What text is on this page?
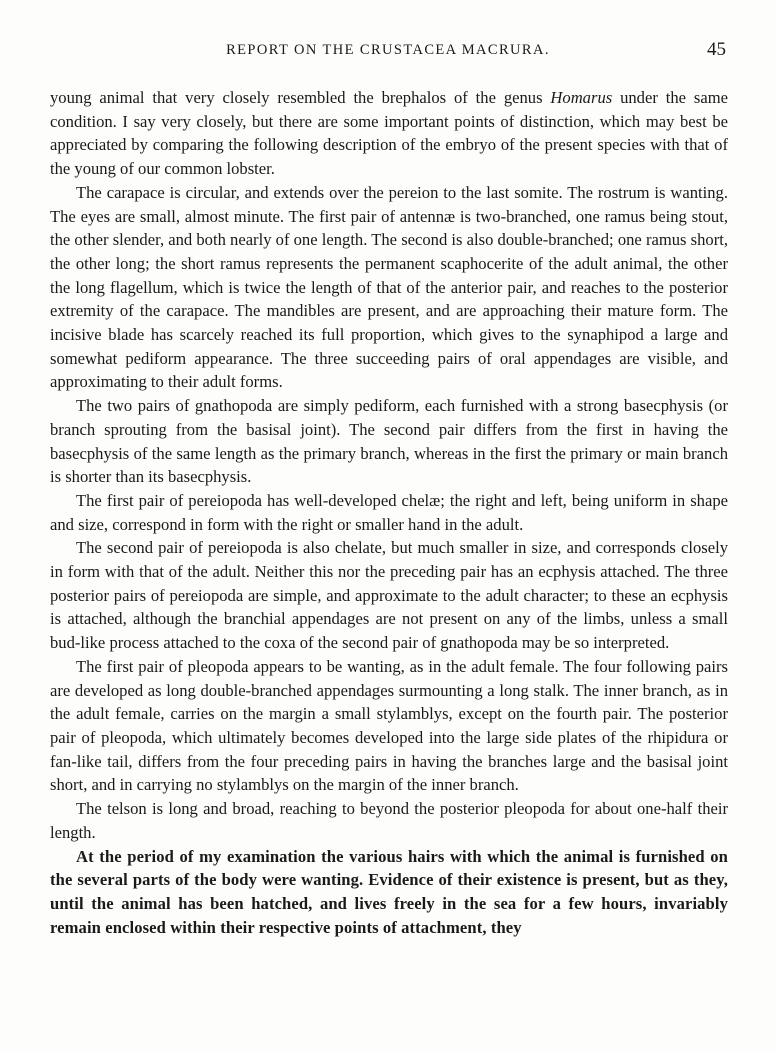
REPORT ON THE CRUSTACEA MACRURA.	45

young animal that very closely resembled the brephalos of the genus Homarus under the same condition. I say very closely, but there are some important points of distinction, which may best be appreciated by comparing the following description of the embryo of the present species with that of the young of our common lobster.

The carapace is circular, and extends over the pereion to the last somite. The rostrum is wanting. The eyes are small, almost minute. The first pair of antennæ is two-branched, one ramus being stout, the other slender, and both nearly of one length. The second is also double-branched; one ramus short, the other long; the short ramus represents the permanent scaphocerite of the adult animal, the other the long flagellum, which is twice the length of that of the anterior pair, and reaches to the posterior extremity of the carapace. The mandibles are present, and are approaching their mature form. The incisive blade has scarcely reached its full proportion, which gives to the synaphipod a large and somewhat pediform appearance. The three succeeding pairs of oral appendages are visible, and approximating to their adult forms.

The two pairs of gnathopoda are simply pediform, each furnished with a strong basecphysis (or branch sprouting from the basisal joint). The second pair differs from the first in having the basecphysis of the same length as the primary branch, whereas in the first the primary or main branch is shorter than its basecphysis.

The first pair of pereiopoda has well-developed chelæ; the right and left, being uniform in shape and size, correspond in form with the right or smaller hand in the adult.

The second pair of pereiopoda is also chelate, but much smaller in size, and corresponds closely in form with that of the adult. Neither this nor the preceding pair has an ecphysis attached. The three posterior pairs of pereiopoda are simple, and approximate to the adult character; to these an ecphysis is attached, although the branchial appendages are not present on any of the limbs, unless a small bud-like process attached to the coxa of the second pair of gnathopoda may be so interpreted.

The first pair of pleopoda appears to be wanting, as in the adult female. The four following pairs are developed as long double-branched appendages surmounting a long stalk. The inner branch, as in the adult female, carries on the margin a small stylamblys, except on the fourth pair. The posterior pair of pleopoda, which ultimately becomes developed into the large side plates of the rhipidura or fan-like tail, differs from the four preceding pairs in having the branches large and the basisal joint short, and in carrying no stylamblys on the margin of the inner branch.

The telson is long and broad, reaching to beyond the posterior pleopoda for about one-half their length.

At the period of my examination the various hairs with which the animal is furnished on the several parts of the body were wanting. Evidence of their existence is present, but as they, until the animal has been hatched, and lives freely in the sea for a few hours, invariably remain enclosed within their respective points of attachment, they
